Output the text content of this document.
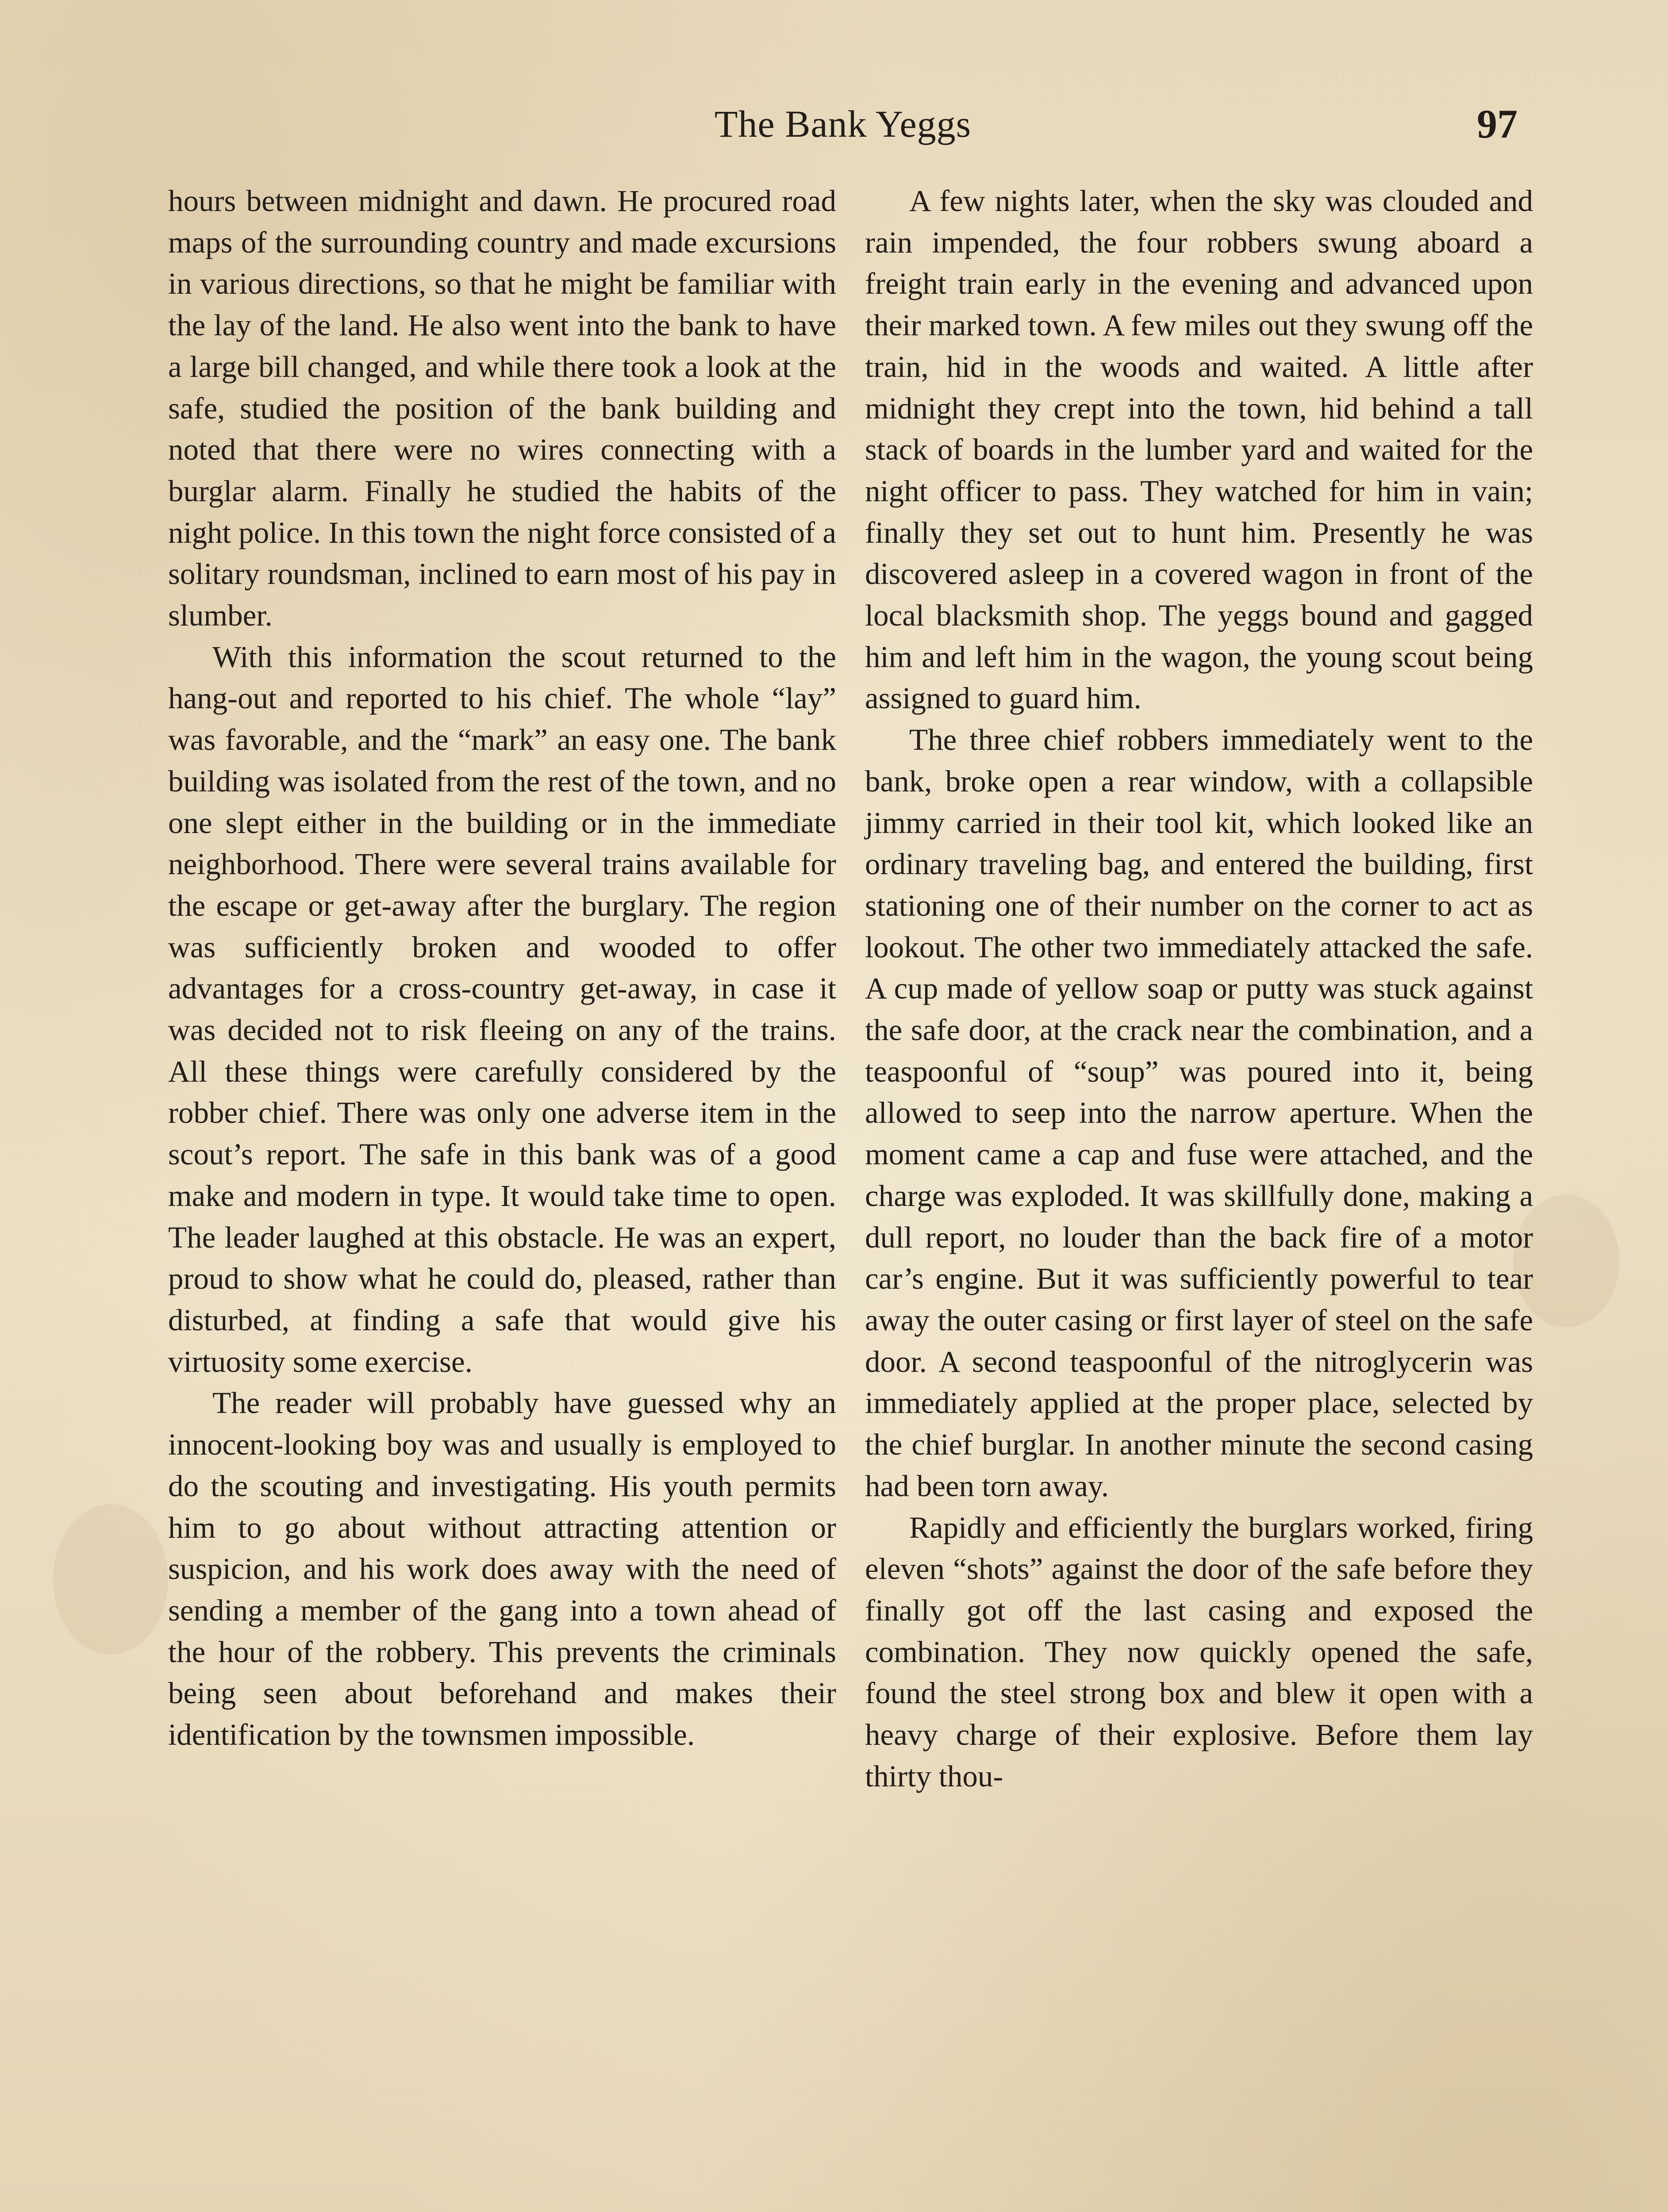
The Bank Yeggs	97

hours between midnight and dawn. He procured road maps of the surrounding country and made excursions in various directions, so that he might be familiar with the lay of the land. He also went into the bank to have a large bill changed, and while there took a look at the safe, studied the position of the bank building and noted that there were no wires connecting with a burglar alarm. Finally he studied the habits of the night police. In this town the night force consisted of a solitary roundsman, inclined to earn most of his pay in slumber.

With this information the scout returned to the hang-out and reported to his chief. The whole “lay” was favorable, and the “mark” an easy one. The bank building was isolated from the rest of the town, and no one slept either in the building or in the immediate neighborhood. There were several trains available for the escape or get-away after the burglary. The region was sufficiently broken and wooded to offer advantages for a cross-country get-away, in case it was decided not to risk fleeing on any of the trains. All these things were carefully considered by the robber chief. There was only one adverse item in the scout’s report. The safe in this bank was of a good make and modern in type. It would take time to open. The leader laughed at this obstacle. He was an expert, proud to show what he could do, pleased, rather than disturbed, at finding a safe that would give his virtuosity some exercise.

The reader will probably have guessed why an innocent-looking boy was and usually is employed to do the scouting and investigating. His youth permits him to go about without attracting attention or suspicion, and his work does away with the need of sending a member of the gang into a town ahead of the hour of the robbery. This prevents the criminals being seen about beforehand and makes their identification by the townsmen impossible.

A few nights later, when the sky was clouded and rain impended, the four robbers swung aboard a freight train early in the evening and advanced upon their marked town. A few miles out they swung off the train, hid in the woods and waited. A little after midnight they crept into the town, hid behind a tall stack of boards in the lumber yard and waited for the night officer to pass. They watched for him in vain; finally they set out to hunt him. Presently he was discovered asleep in a covered wagon in front of the local blacksmith shop. The yeggs bound and gagged him and left him in the wagon, the young scout being assigned to guard him.

The three chief robbers immediately went to the bank, broke open a rear window, with a collapsible jimmy carried in their tool kit, which looked like an ordinary traveling bag, and entered the building, first stationing one of their number on the corner to act as lookout. The other two immediately attacked the safe. A cup made of yellow soap or putty was stuck against the safe door, at the crack near the combination, and a teaspoonful of “soup” was poured into it, being allowed to seep into the narrow aperture. When the moment came a cap and fuse were attached, and the charge was exploded. It was skillfully done, making a dull report, no louder than the back fire of a motor car’s engine. But it was sufficiently powerful to tear away the outer casing or first layer of steel on the safe door. A second teaspoonful of the nitroglycerin was immediately applied at the proper place, selected by the chief burglar. In another minute the second casing had been torn away.

Rapidly and efficiently the burglars worked, firing eleven “shots” against the door of the safe before they finally got off the last casing and exposed the combination. They now quickly opened the safe, found the steel strong box and blew it open with a heavy charge of their explosive. Before them lay thirty thou-
